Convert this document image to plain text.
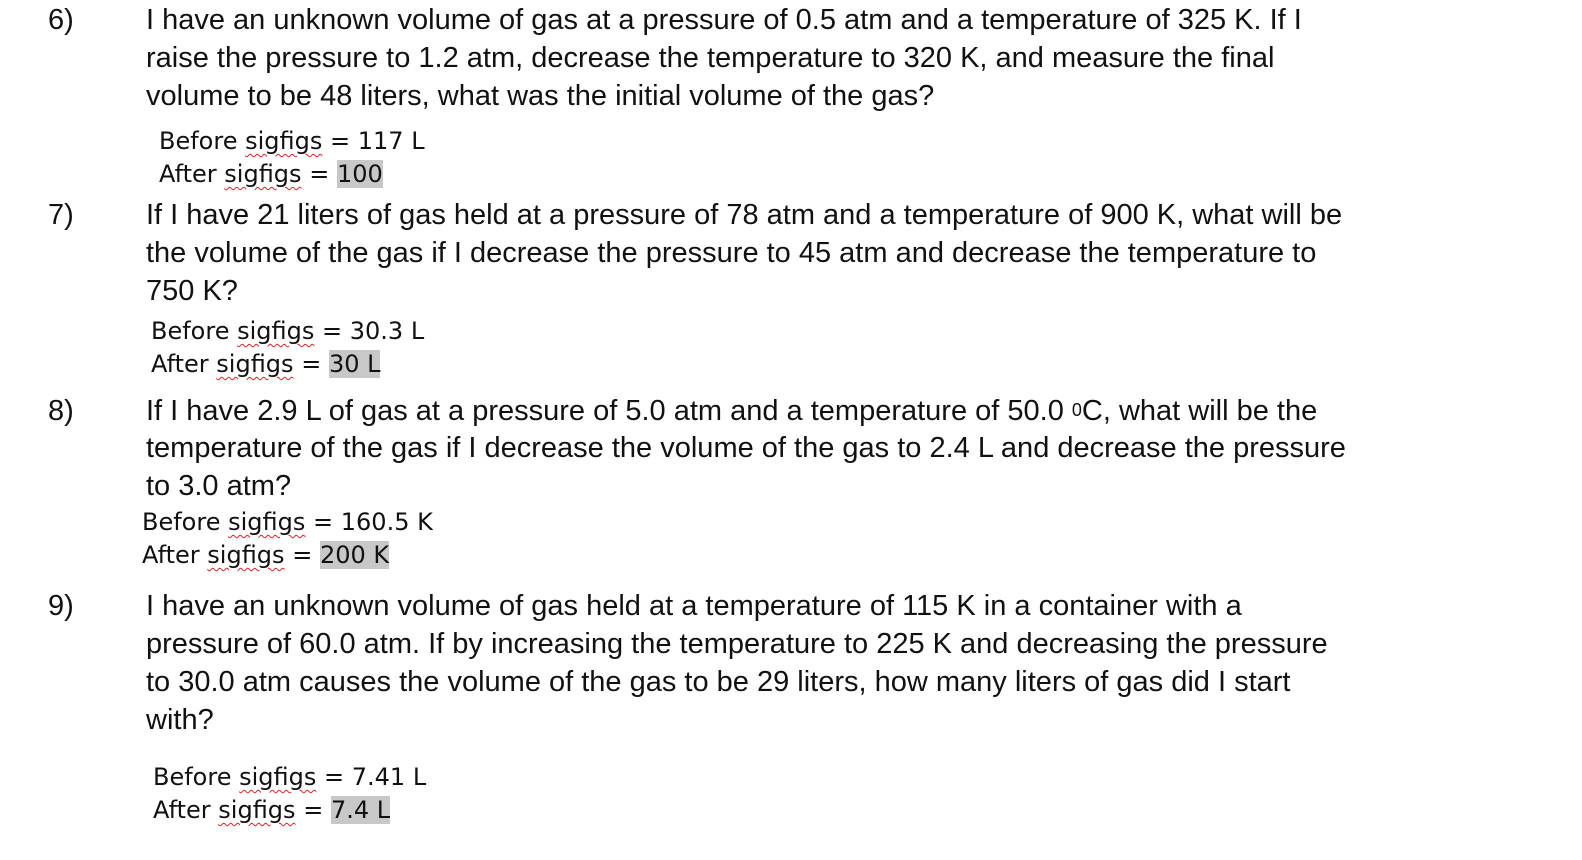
6) I have an unknown volume of gas at a pressure of 0.5 atm and a temperature of 325 K. If I
raise the pressure to 1.2 atm, decrease the temperature to 320 K, and measure the final
volume to be 48 liters, what was the initial volume of the gas?
Before sigfigs = 117 L
After sigfigs = 100
7) If I have 21 liters of gas held at a pressure of 78 atm and a temperature of 900 K, what will be
the volume of the gas if I decrease the pressure to 45 atm and decrease the temperature to
750 K?
Before sigfigs = 30.3 L
After sigfigs = 30 L
8) If I have 2.9 L of gas at a pressure of 5.0 atm and a temperature of 50.0 $^0$C, what will be the
temperature of the gas if I decrease the volume of the gas to 2.4 L and decrease the pressure
to 3.0 atm?
Before sigfigs = 160.5 K
After sigfigs = 200 K
9) I have an unknown volume of gas held at a temperature of 115 K in a container with a
pressure of 60.0 atm. If by increasing the temperature to 225 K and decreasing the pressure
to 30.0 atm causes the volume of the gas to be 29 liters, how many liters of gas did I start
with?
Before sigfigs = 7.41 L
After sigfigs = 7.4 L
